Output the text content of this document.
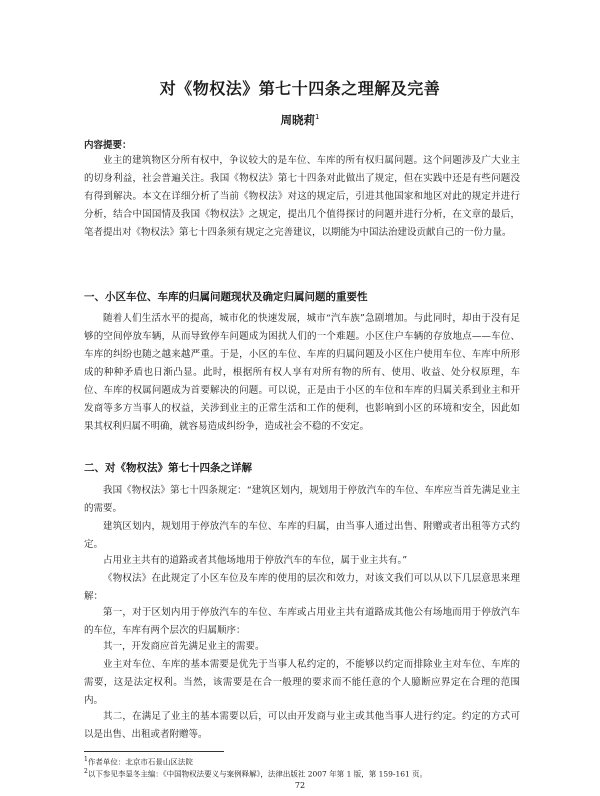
对《物权法》第七十四条之理解及完善
周晓莉$^1$
内容提要：

业主的建筑物区分所有权中，争议较大的是车位、车库的所有权归属问题。这个问题涉及广大业主的切身利益，社会普遍关注。我国《物权法》第七十四条对此做出了规定，但在实践中还是有些问题没有得到解决。本文在详细分析了当前《物权法》对这的规定后，引进其他国家和地区对此的规定并进行分析，结合中国国情及我国《物权法》之规定，提出几个值得探讨的问题并进行分析，在文章的最后，笔者提出对《物权法》第七十四条须有规定之完善建议，以期能为中国法治建设贡献自己的一份力量。

一、小区车位、车库的归属问题现状及确定归属问题的重要性

随着人们生活水平的提高，城市化的快速发展，城市“汽车族”急剧增加。与此同时，却由于没有足够的空间停放车辆，从而导致停车问题成为困扰人们的一个难题。小区住户车辆的存放地点——车位、车库的纠纷也随之越来越严重。于是，小区的车位、车库的归属问题及小区住户使用车位、车库中所形成的种种矛盾也日渐凸显。此时，根据所有权人享有对所有物的所有、使用、收益、处分权原理，车位、车库的权属问题成为首要解决的问题。可以说，正是由于小区的车位和车库的归属关系到业主和开发商等多方当事人的权益，关涉到业主的正常生活和工作的便利，也影响到小区的环境和安全，因此如果其权利归属不明确，就容易造成纠纷争，造成社会不稳的不安定。

二、对《物权法》第七十四条之详解

我国《物权法》第七十四条规定：“建筑区划内，规划用于停放汽车的车位、车库应当首先满足业主的需要。

建筑区划内，规划用于停放汽车的车位、车库的归属，由当事人通过出售、附赠或者出租等方式约定。

占用业主共有的道路或者其他场地用于停放汽车的车位，属于业主共有。”

《物权法》在此规定了小区车位及车库的使用的层次和效力，对该文我们可以从以下几层意思来理解：

第一，对于区划内用于停放汽车的车位、车库或占用业主共有道路成其他公有场地而用于停放汽车的车位，车库有两个层次的归属顺序：

其一，开发商应首先满足业主的需要。

业主对车位、车库的基本需要是优先于当事人私约定的，不能够以约定而排除业主对车位、车库的需要，这是法定权利。当然，该需要是在合一般理的要求而不能任意的个人臆断应界定在合理的范围内。

其二，在满足了业主的基本需要以后，可以由开发商与业主或其他当事人进行约定。约定的方式可以是出售、出租或者附赠等。

$^1$作者单位：北京市石景山区法院
$^2$以下参见李显冬主编：《中国物权法要义与案例释解》，法律出版社 2007 年第 1 版，第 159-161 页。
72
